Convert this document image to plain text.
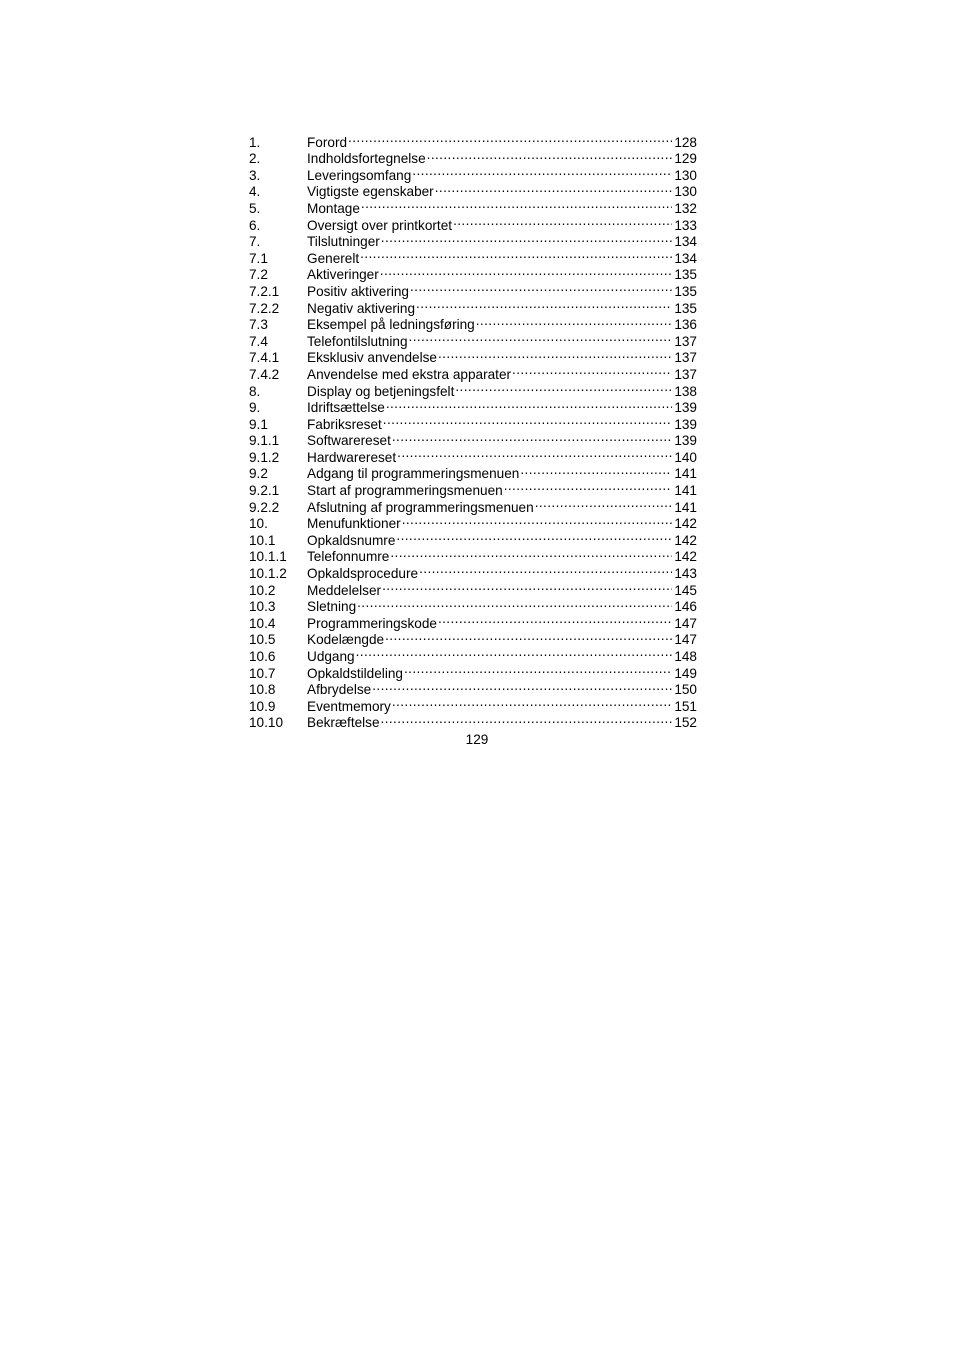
1.	Forord .....	128
2.	Indholdsfortegnelse .....	129
3.	Leveringsomfang .....	130
4.	Vigtigste egenskaber .....	130
5.	Montage .....	132
6.	Oversigt over printkortet .....	133
7.	Tilslutninger .....	134
7.1	Generelt .....	134
7.2	Aktiveringer .....	135
7.2.1	Positiv aktivering .....	135
7.2.2	Negativ aktivering .....	135
7.3	Eksempel på ledningsføring .....	136
7.4	Telefontilslutning .....	137
7.4.1	Eksklusiv anvendelse .....	137
7.4.2	Anvendelse med ekstra apparater .....	137
8.	Display og betjeningsfelt .....	138
9.	Idriftsættelse .....	139
9.1	Fabriksreset .....	139
9.1.1	Softwarereset .....	139
9.1.2	Hardwarereset .....	140
9.2	Adgang til programmeringsmenuen .....	141
9.2.1	Start af programmeringsmenuen .....	141
9.2.2	Afslutning af programmeringsmenuen .....	141
10.	Menufunktioner .....	142
10.1	Opkaldsnumre .....	142
10.1.1	Telefonnumre .....	142
10.1.2	Opkaldsprocedure .....	143
10.2	Meddelelser .....	145
10.3	Sletning .....	146
10.4	Programmeringskode .....	147
10.5	Kodelængde .....	147
10.6	Udgang .....	148
10.7	Opkaldstildeling .....	149
10.8	Afbrydelse .....	150
10.9	Eventmemory .....	151
10.10	Bekræftelse .....	152
129
